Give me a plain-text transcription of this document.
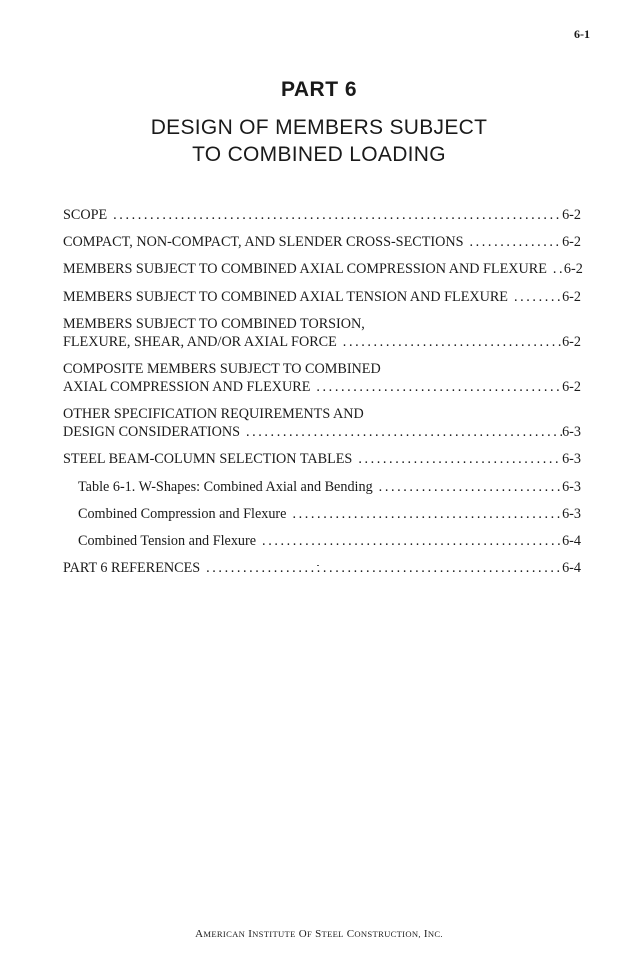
6-1
PART 6
DESIGN OF MEMBERS SUBJECT
TO COMBINED LOADING
SCOPE .....	6-2
COMPACT, NON-COMPACT, AND SLENDER CROSS-SECTIONS .....	6-2
MEMBERS SUBJECT TO COMBINED AXIAL COMPRESSION AND FLEXURE ..... 6-2
MEMBERS SUBJECT TO COMBINED AXIAL TENSION AND FLEXURE .....	6-2
MEMBERS SUBJECT TO COMBINED TORSION,
FLEXURE, SHEAR, AND/OR AXIAL FORCE .....	6-2
COMPOSITE MEMBERS SUBJECT TO COMBINED
AXIAL COMPRESSION AND FLEXURE .....	6-2
OTHER SPECIFICATION REQUIREMENTS AND
DESIGN CONSIDERATIONS .....	6-3
STEEL BEAM-COLUMN SELECTION TABLES .....	6-3
Table 6-1. W-Shapes: Combined Axial and Bending .....	6-3
Combined Compression and Flexure .....	6-3
Combined Tension and Flexure .....	6-4
PART 6 REFERENCES .....	6-4
AMERICAN INSTITUTE OF STEEL CONSTRUCTION, INC.
